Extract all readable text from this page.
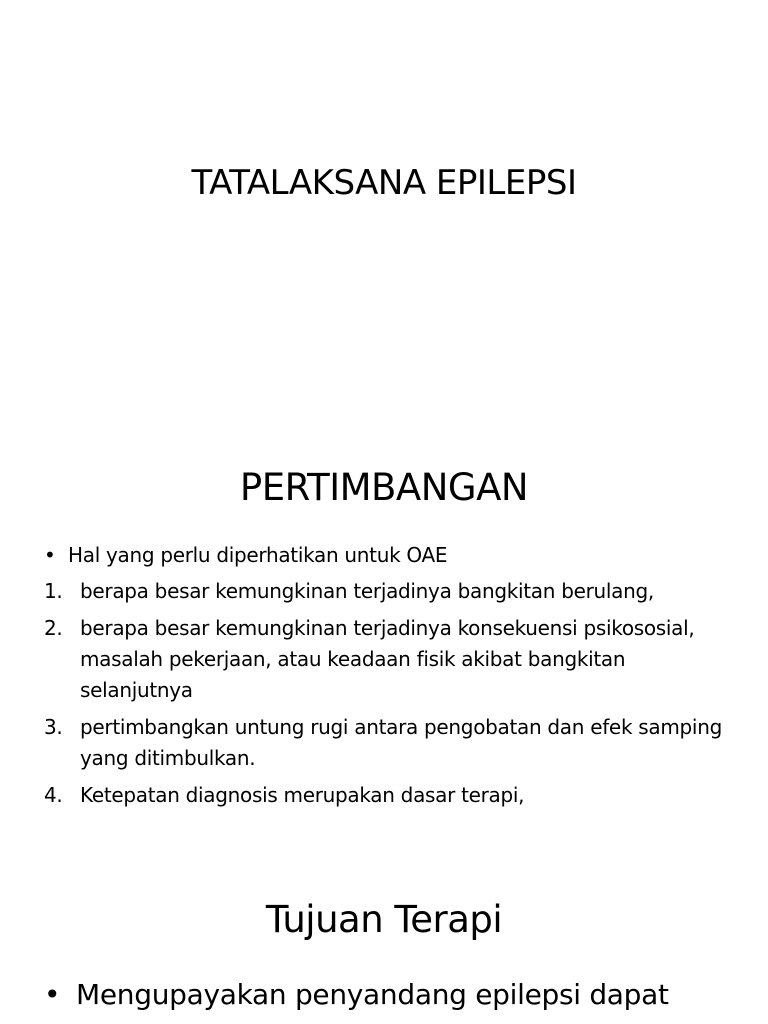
TATALAKSANA EPILEPSI
PERTIMBANGAN
• Hal yang perlu diperhatikan untuk OAE
1. berapa besar kemungkinan terjadinya bangkitan berulang,
2. berapa besar kemungkinan terjadinya konsekuensi psikososial, masalah pekerjaan, atau keadaan fisik akibat bangkitan selanjutnya
3. pertimbangkan untung rugi antara pengobatan dan efek samping yang ditimbulkan.
4. Ketepatan diagnosis merupakan dasar terapi,
Tujuan Terapi
• Mengupayakan penyandang epilepsi dapat
